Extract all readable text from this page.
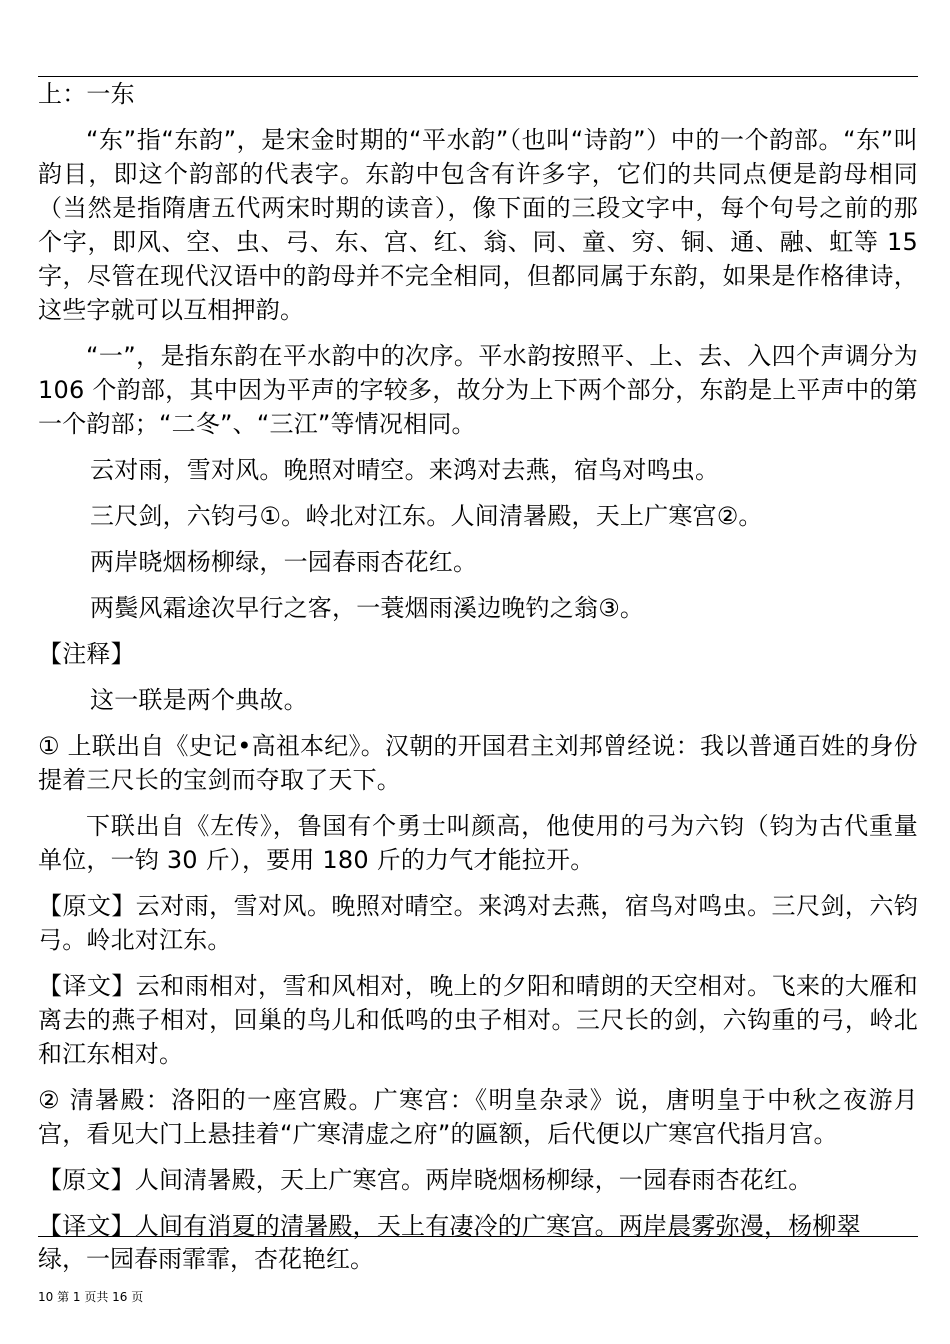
上：一东
“东”指“东韵”，是宋金时期的“平水韵”（也叫“诗韵”）中的一个韵部。“东”叫韵目，即这个韵部的代表字。东韵中包含有许多字，它们的共同点便是韵母相同（当然是指隋唐五代两宋时期的读音），像下面的三段文字中，每个句号之前的那个字，即风、空、虫、弓、东、宫、红、翁、同、童、穷、铜、通、融、虹等 15 字，尽管在现代汉语中的韵母并不完全相同，但都同属于东韵，如果是作格律诗，这些字就可以互相押韵。
“一”，是指东韵在平水韵中的次序。平水韵按照平、上、去、入四个声调分为 106 个韵部，其中因为平声的字较多，故分为上下两个部分，东韵是上平声中的第一个韵部；“二冬”、“三江”等情况相同。
云对雨，雪对风。晚照对晴空。来鸿对去燕，宿鸟对鸣虫。
三尺剑，六钧弓①。岭北对江东。人间清暑殿，天上广寒宫②。
两岸晓烟杨柳绿，一园春雨杏花红。
两鬓风霜途次早行之客，一蓑烟雨溪边晚钓之翁③。
【注释】
这一联是两个典故。
① 上联出自《史记•高祖本纪》。汉朝的开国君主刘邦曾经说：我以普通百姓的身份提着三尺长的宝剑而夺取了天下。
下联出自《左传》，鲁国有个勇士叫颜高，他使用的弓为六钧（钧为古代重量单位，一钧 30 斤），要用 180 斤的力气才能拉开。
【原文】云对雨，雪对风。晚照对晴空。来鸿对去燕，宿鸟对鸣虫。三尺剑，六钧弓。岭北对江东。
【译文】云和雨相对，雪和风相对，晚上的夕阳和晴朗的天空相对。飞来的大雁和离去的燕子相对，回巢的鸟儿和低鸣的虫子相对。三尺长的剑，六钩重的弓，岭北和江东相对。
② 清暑殿：洛阳的一座宫殿。广寒宫：《明皇杂录》说，唐明皇于中秋之夜游月宫，看见大门上悬挂着“广寒清虚之府”的匾额，后代便以广寒宫代指月宫。
【原文】人间清暑殿，天上广寒宫。两岸晓烟杨柳绿，一园春雨杏花红。
【译文】人间有消夏的清暑殿，天上有凄冷的广寒宫。两岸晨雾弥漫，杨柳翠
绿，一园春雨霏霏，杏花艳红。
10 第 1 页共 16 页
